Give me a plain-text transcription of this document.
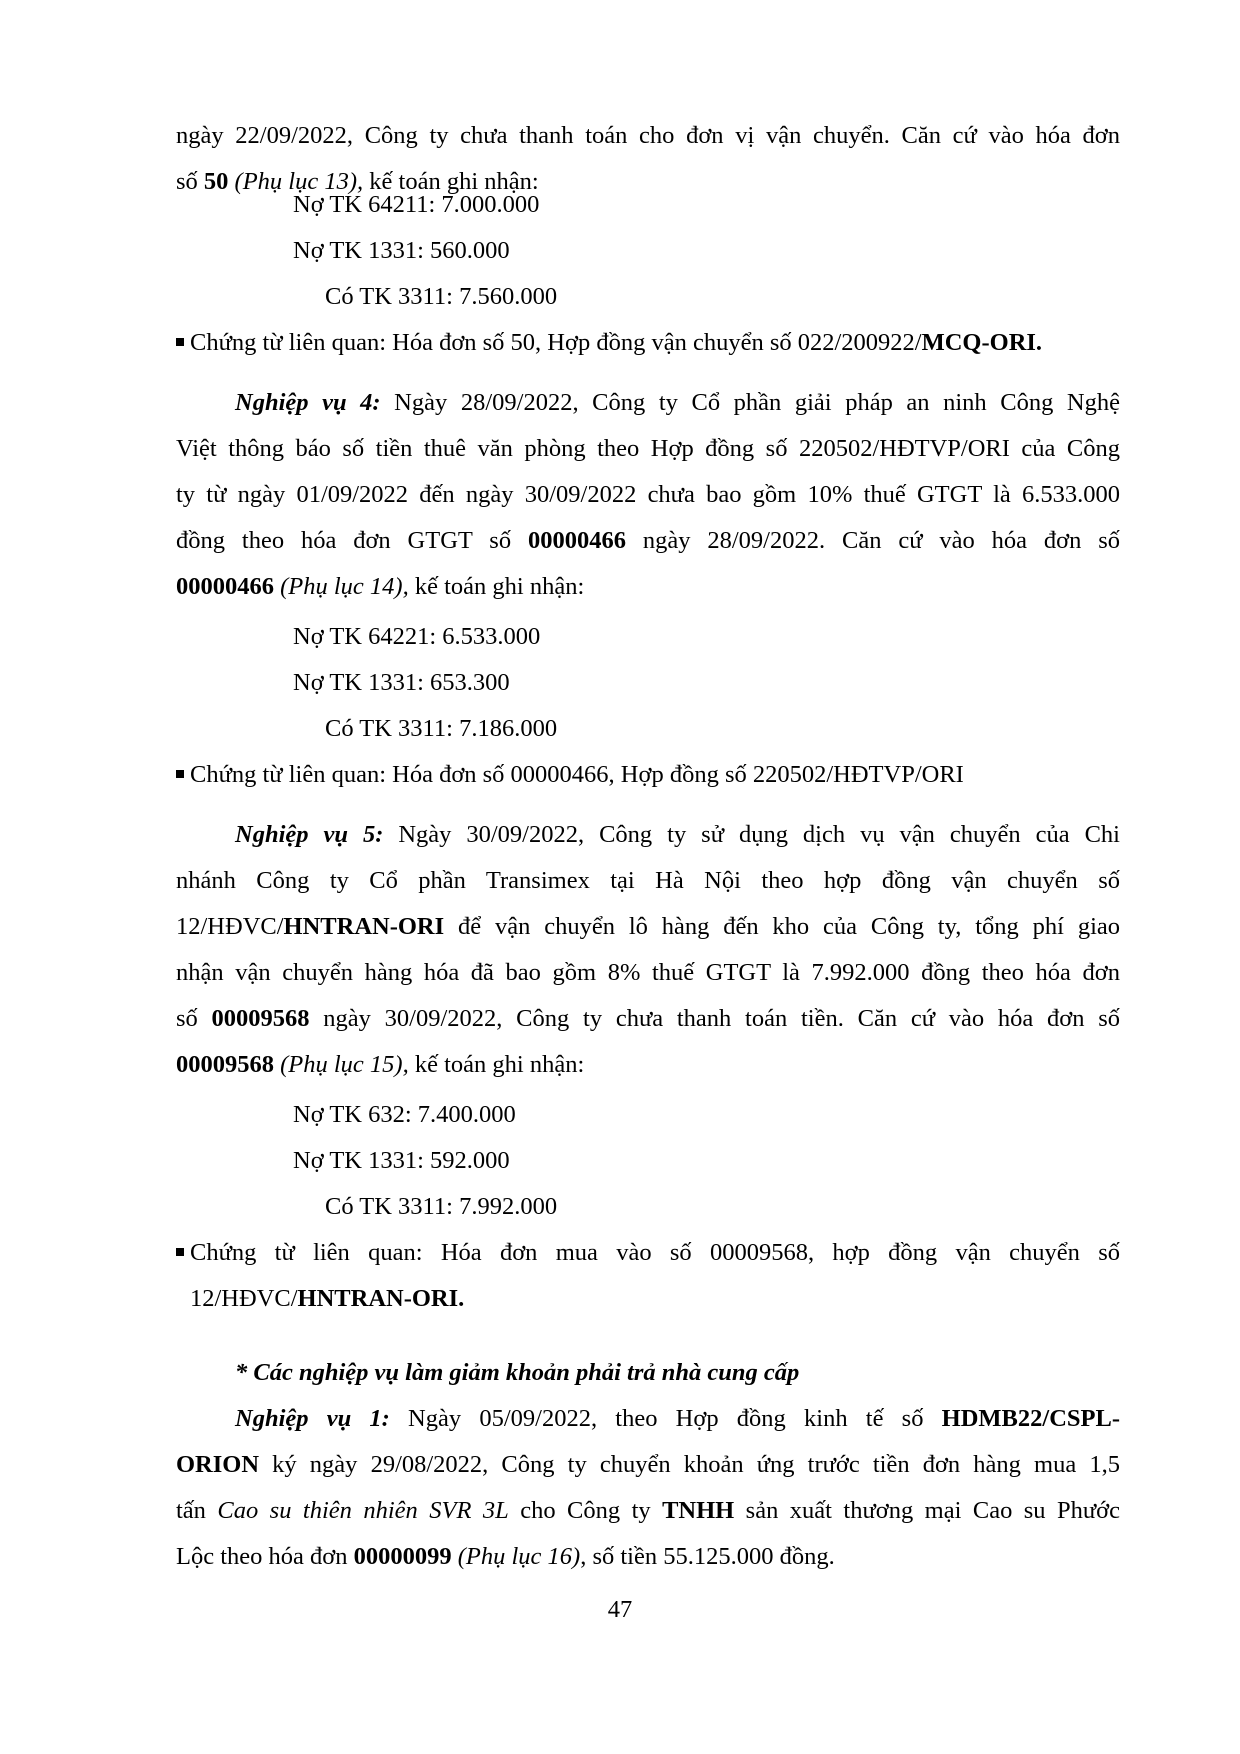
ngày 22/09/2022, Công ty chưa thanh toán cho đơn vị vận chuyển. Căn cứ vào hóa đơn
số 50 (Phụ lục 13), kế toán ghi nhận:
Nợ TK 64211: 7.000.000
Nợ TK 1331: 560.000
Có TK 3311: 7.560.000
Chứng từ liên quan: Hóa đơn số 50, Hợp đồng vận chuyển số 022/200922/MCQ-ORI.
Nghiệp vụ 4: Ngày 28/09/2022, Công ty Cổ phần giải pháp an ninh Công Nghệ
Việt thông báo số tiền thuê văn phòng theo Hợp đồng số 220502/HĐTVP/ORI của Công
ty từ ngày 01/09/2022 đến ngày 30/09/2022 chưa bao gồm 10% thuế GTGT là 6.533.000
đồng theo hóa đơn GTGT số 00000466 ngày 28/09/2022. Căn cứ vào hóa đơn số
00000466 (Phụ lục 14), kế toán ghi nhận:
Nợ TK 64221: 6.533.000
Nợ TK 1331: 653.300
Có TK 3311: 7.186.000
Chứng từ liên quan: Hóa đơn số 00000466, Hợp đồng số 220502/HĐTVP/ORI
Nghiệp vụ 5: Ngày 30/09/2022, Công ty sử dụng dịch vụ vận chuyển của Chi
nhánh Công ty Cổ phần Transimex tại Hà Nội theo hợp đồng vận chuyển số
12/HĐVC/HNTRAN-ORI để vận chuyển lô hàng đến kho của Công ty, tổng phí giao
nhận vận chuyển hàng hóa đã bao gồm 8% thuế GTGT là 7.992.000 đồng theo hóa đơn
số 00009568 ngày 30/09/2022, Công ty chưa thanh toán tiền. Căn cứ vào hóa đơn số
00009568 (Phụ lục 15), kế toán ghi nhận:
Nợ TK 632: 7.400.000
Nợ TK 1331: 592.000
Có TK 3311: 7.992.000
Chứng từ liên quan: Hóa đơn mua vào số 00009568, hợp đồng vận chuyển số
12/HĐVC/HNTRAN-ORI.
* Các nghiệp vụ làm giảm khoản phải trả nhà cung cấp
Nghiệp vụ 1: Ngày 05/09/2022, theo Hợp đồng kinh tế số HDMB22/CSPL-
ORION ký ngày 29/08/2022, Công ty chuyển khoản ứng trước tiền đơn hàng mua 1,5
tấn Cao su thiên nhiên SVR 3L cho Công ty TNHH sản xuất thương mại Cao su Phước
Lộc theo hóa đơn 00000099 (Phụ lục 16), số tiền 55.125.000 đồng.
47
